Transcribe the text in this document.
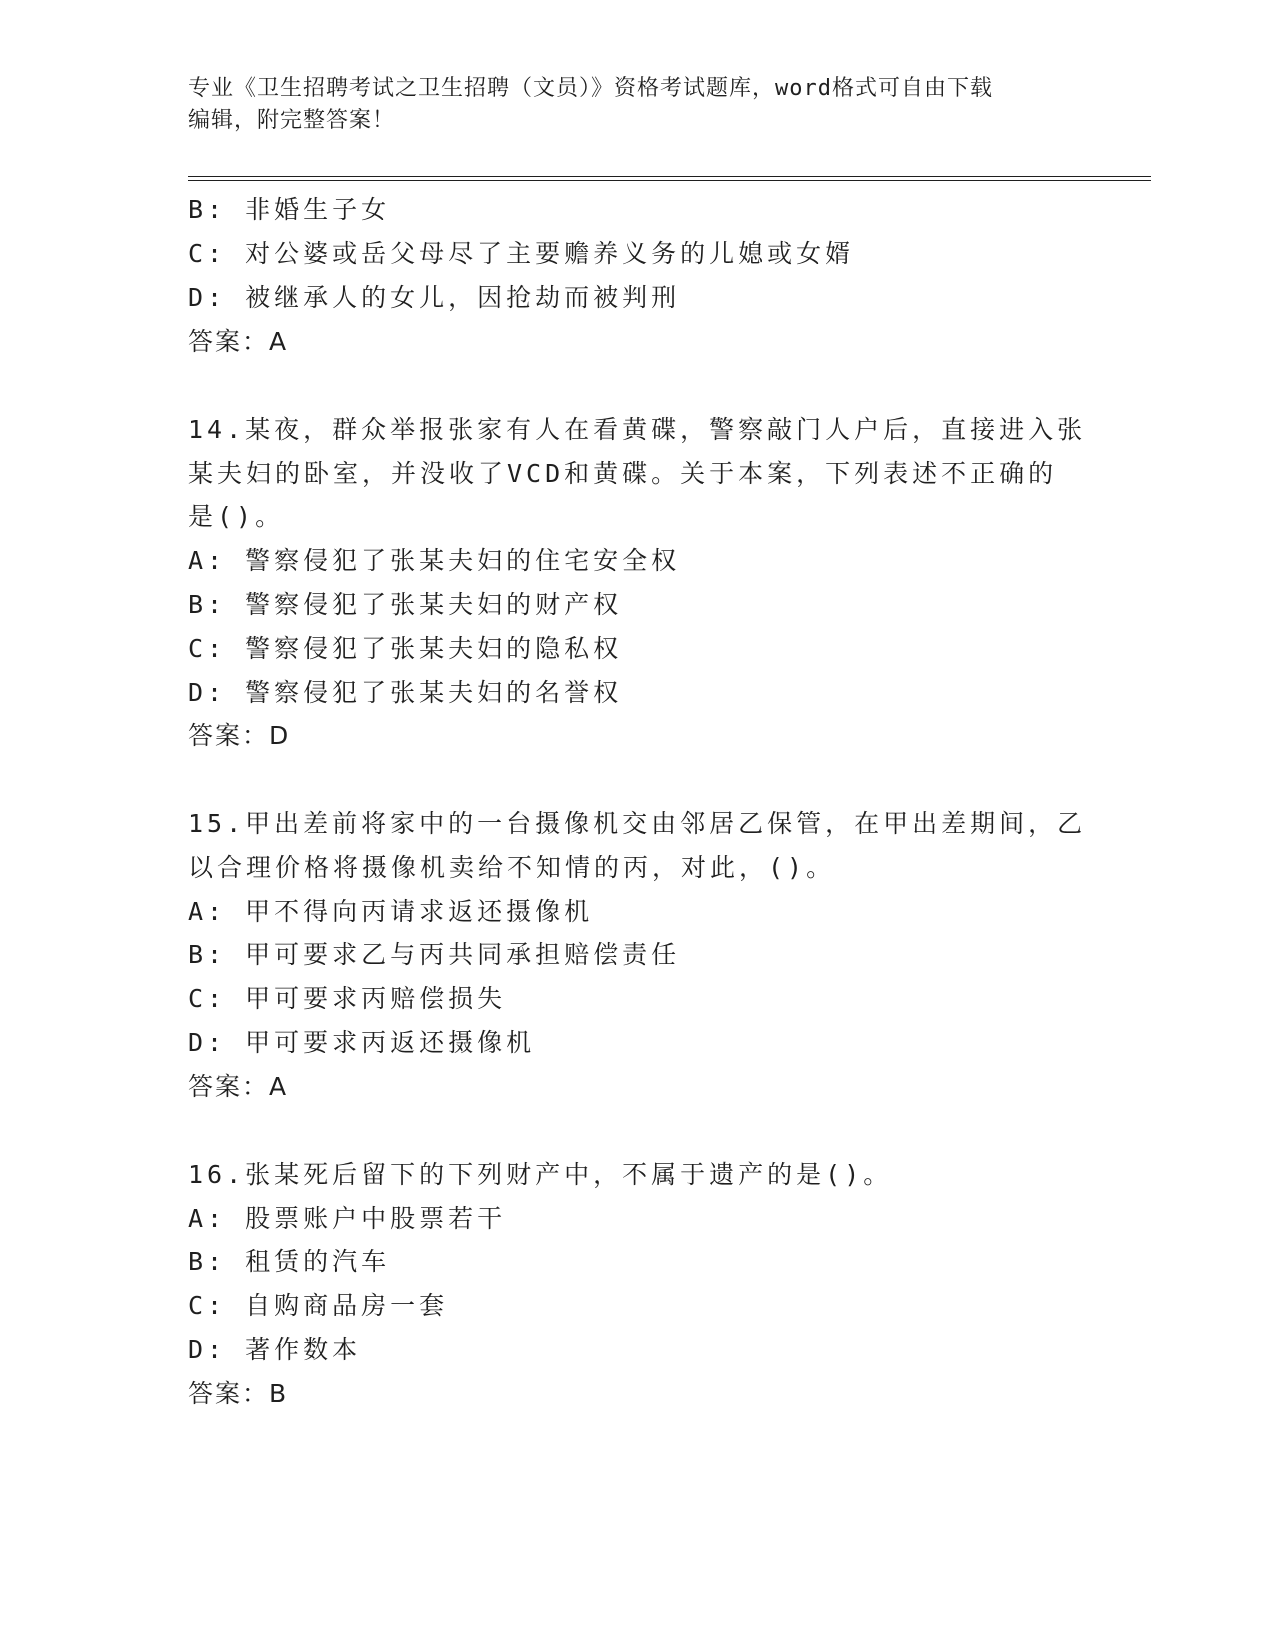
专业《卫生招聘考试之卫生招聘（文员）》资格考试题库，word格式可自由下载
编辑，附完整答案！
B: 非婚生子女
C: 对公婆或岳父母尽了主要赡养义务的儿媳或女婿
D: 被继承人的女儿，因抢劫而被判刑
答案：A
14.某夜，群众举报张家有人在看黄碟，警察敲门人户后，直接进入张
某夫妇的卧室，并没收了VCD和黄碟。关于本案，下列表述不正确的
是()。
A: 警察侵犯了张某夫妇的住宅安全权
B: 警察侵犯了张某夫妇的财产权
C: 警察侵犯了张某夫妇的隐私权
D: 警察侵犯了张某夫妇的名誉权
答案：D
15.甲出差前将家中的一台摄像机交由邻居乙保管，在甲出差期间，乙
以合理价格将摄像机卖给不知情的丙，对此，()。
A: 甲不得向丙请求返还摄像机
B: 甲可要求乙与丙共同承担赔偿责任
C: 甲可要求丙赔偿损失
D: 甲可要求丙返还摄像机
答案：A
16.张某死后留下的下列财产中，不属于遗产的是()。
A: 股票账户中股票若干
B: 租赁的汽车
C: 自购商品房一套
D: 著作数本
答案：B
